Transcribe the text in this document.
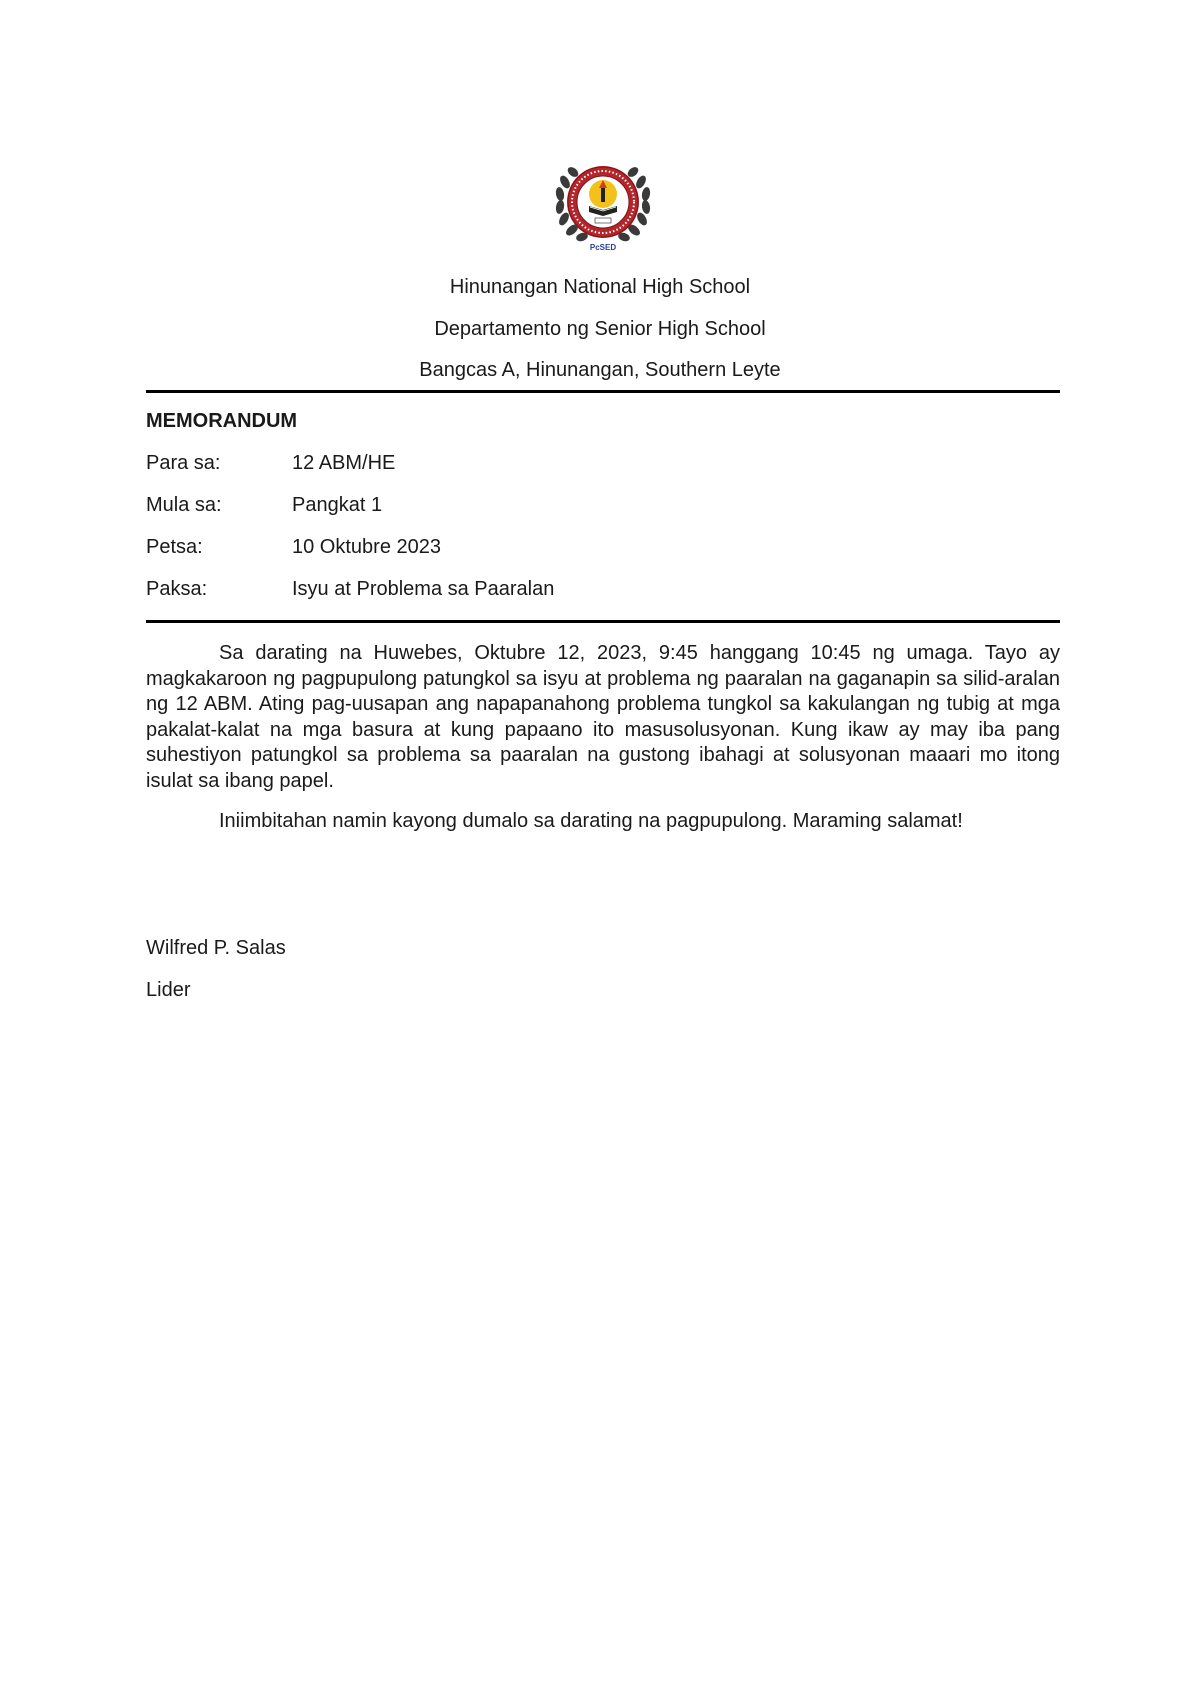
PcSED
Hinunangan National High School
Departamento ng Senior High School
Bangcas A, Hinunangan, Southern Leyte
MEMORANDUM
Para sa:	12 ABM/HE
Mula sa:	Pangkat 1
Petsa:	10 Oktubre 2023
Paksa:	Isyu at Problema sa Paaralan

Sa darating na Huwebes, Oktubre 12, 2023, 9:45 hanggang 10:45 ng umaga. Tayo ay magkakaroon ng pagpupulong patungkol sa isyu at problema ng paaralan na gaganapin sa silid-aralan ng 12 ABM. Ating pag-uusapan ang napapanahong problema tungkol sa kakulangan ng tubig at mga pakalat-kalat na mga basura at kung papaano ito masusolusyonan. Kung ikaw ay may iba pang suhestiyon patungkol sa problema sa paaralan na gustong ibahagi at solusyonan maaari mo itong isulat sa ibang papel.

Iniimbitahan namin kayong dumalo sa darating na pagpupulong. Maraming salamat!

Wilfred P. Salas
Lider
